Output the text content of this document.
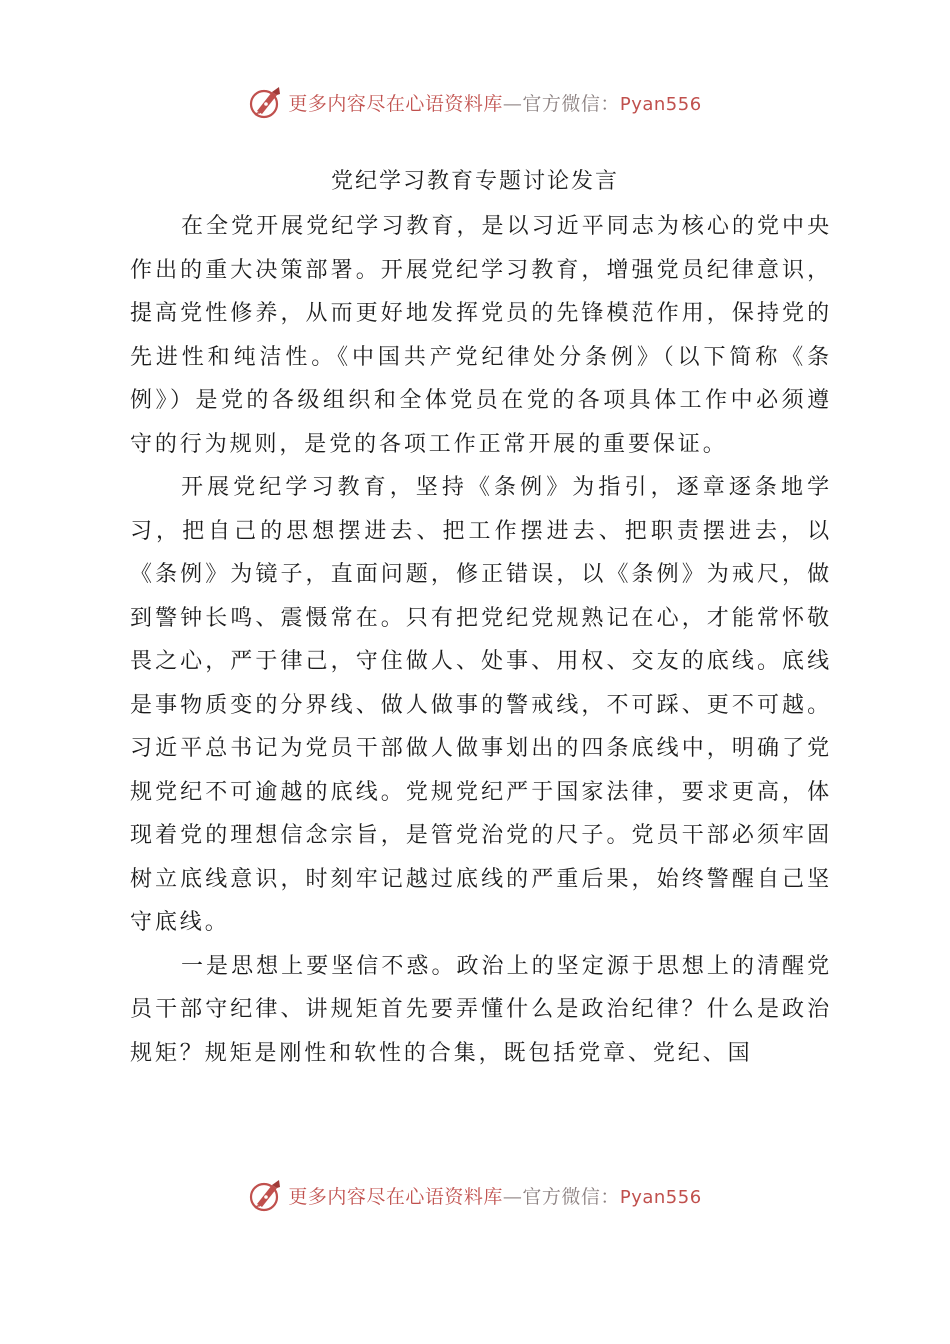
更多内容尽在心语资料库—官方微信：Pyan556
党纪学习教育专题讨论发言

在全党开展党纪学习教育，是以习近平同志为核心的党中央作出的重大决策部署。开展党纪学习教育，增强党员纪律意识，提高党性修养，从而更好地发挥党员的先锋模范作用，保持党的先进性和纯洁性。《中国共产党纪律处分条例》（以下简称《条例》）是党的各级组织和全体党员在党的各项具体工作中必须遵守的行为规则，是党的各项工作正常开展的重要保证。

开展党纪学习教育，坚持《条例》为指引，逐章逐条地学习，把自己的思想摆进去、把工作摆进去、把职责摆进去，以《条例》为镜子，直面问题，修正错误，以《条例》为戒尺，做到警钟长鸣、震慑常在。只有把党纪党规熟记在心，才能常怀敬畏之心，严于律己，守住做人、处事、用权、交友的底线。底线是事物质变的分界线、做人做事的警戒线，不可踩、更不可越。习近平总书记为党员干部做人做事划出的四条底线中，明确了党规党纪不可逾越的底线。党规党纪严于国家法律，要求更高，体现着党的理想信念宗旨，是管党治党的尺子。党员干部必须牢固树立底线意识，时刻牢记越过底线的严重后果，始终警醒自己坚守底线。

一是思想上要坚信不惑。政治上的坚定源于思想上的清醒党员干部守纪律、讲规矩首先要弄懂什么是政治纪律？什么是政治规矩？规矩是刚性和软性的合集，既包括党章、党纪、国

更多内容尽在心语资料库—官方微信：Pyan556
